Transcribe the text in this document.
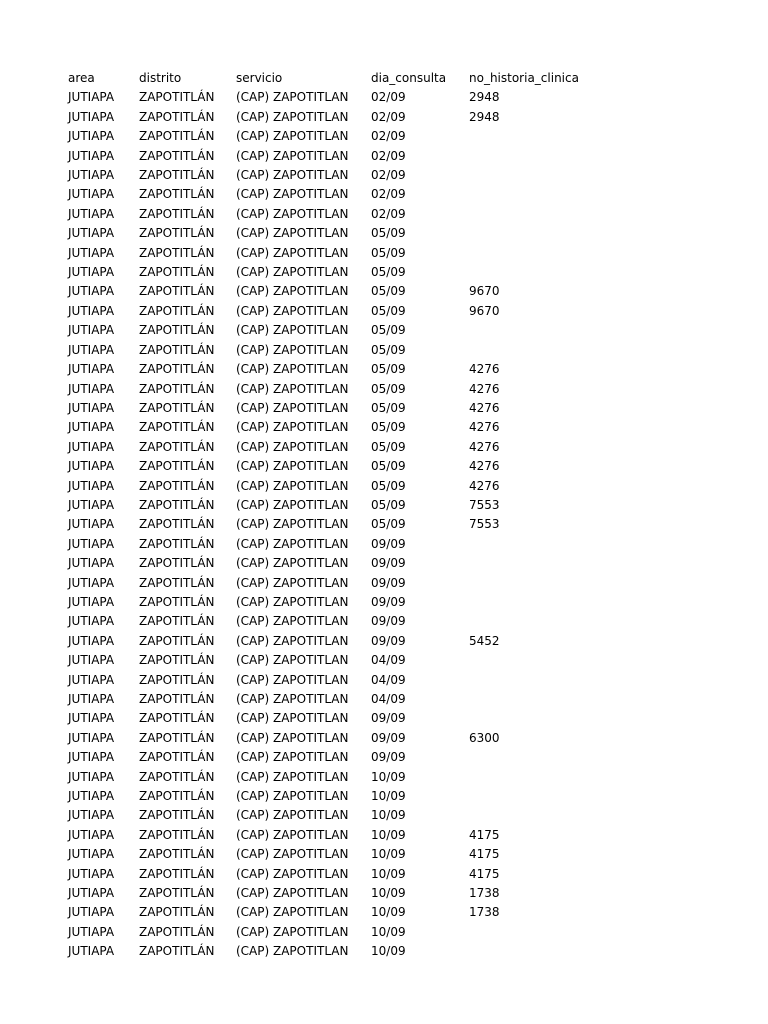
area	distrito	servicio	dia_consulta	no_historia_clinica
JUTIAPA	ZAPOTITLÁN	(CAP) ZAPOTITLAN	02/09	2948
JUTIAPA	ZAPOTITLÁN	(CAP) ZAPOTITLAN	02/09	2948
JUTIAPA	ZAPOTITLÁN	(CAP) ZAPOTITLAN	02/09	
JUTIAPA	ZAPOTITLÁN	(CAP) ZAPOTITLAN	02/09	
JUTIAPA	ZAPOTITLÁN	(CAP) ZAPOTITLAN	02/09	
JUTIAPA	ZAPOTITLÁN	(CAP) ZAPOTITLAN	02/09	
JUTIAPA	ZAPOTITLÁN	(CAP) ZAPOTITLAN	02/09	
JUTIAPA	ZAPOTITLÁN	(CAP) ZAPOTITLAN	05/09	
JUTIAPA	ZAPOTITLÁN	(CAP) ZAPOTITLAN	05/09	
JUTIAPA	ZAPOTITLÁN	(CAP) ZAPOTITLAN	05/09	
JUTIAPA	ZAPOTITLÁN	(CAP) ZAPOTITLAN	05/09	9670
JUTIAPA	ZAPOTITLÁN	(CAP) ZAPOTITLAN	05/09	9670
JUTIAPA	ZAPOTITLÁN	(CAP) ZAPOTITLAN	05/09	
JUTIAPA	ZAPOTITLÁN	(CAP) ZAPOTITLAN	05/09	
JUTIAPA	ZAPOTITLÁN	(CAP) ZAPOTITLAN	05/09	4276
JUTIAPA	ZAPOTITLÁN	(CAP) ZAPOTITLAN	05/09	4276
JUTIAPA	ZAPOTITLÁN	(CAP) ZAPOTITLAN	05/09	4276
JUTIAPA	ZAPOTITLÁN	(CAP) ZAPOTITLAN	05/09	4276
JUTIAPA	ZAPOTITLÁN	(CAP) ZAPOTITLAN	05/09	4276
JUTIAPA	ZAPOTITLÁN	(CAP) ZAPOTITLAN	05/09	4276
JUTIAPA	ZAPOTITLÁN	(CAP) ZAPOTITLAN	05/09	4276
JUTIAPA	ZAPOTITLÁN	(CAP) ZAPOTITLAN	05/09	7553
JUTIAPA	ZAPOTITLÁN	(CAP) ZAPOTITLAN	05/09	7553
JUTIAPA	ZAPOTITLÁN	(CAP) ZAPOTITLAN	09/09	
JUTIAPA	ZAPOTITLÁN	(CAP) ZAPOTITLAN	09/09	
JUTIAPA	ZAPOTITLÁN	(CAP) ZAPOTITLAN	09/09	
JUTIAPA	ZAPOTITLÁN	(CAP) ZAPOTITLAN	09/09	
JUTIAPA	ZAPOTITLÁN	(CAP) ZAPOTITLAN	09/09	
JUTIAPA	ZAPOTITLÁN	(CAP) ZAPOTITLAN	09/09	5452
JUTIAPA	ZAPOTITLÁN	(CAP) ZAPOTITLAN	04/09	
JUTIAPA	ZAPOTITLÁN	(CAP) ZAPOTITLAN	04/09	
JUTIAPA	ZAPOTITLÁN	(CAP) ZAPOTITLAN	04/09	
JUTIAPA	ZAPOTITLÁN	(CAP) ZAPOTITLAN	09/09	
JUTIAPA	ZAPOTITLÁN	(CAP) ZAPOTITLAN	09/09	6300
JUTIAPA	ZAPOTITLÁN	(CAP) ZAPOTITLAN	09/09	
JUTIAPA	ZAPOTITLÁN	(CAP) ZAPOTITLAN	10/09	
JUTIAPA	ZAPOTITLÁN	(CAP) ZAPOTITLAN	10/09	
JUTIAPA	ZAPOTITLÁN	(CAP) ZAPOTITLAN	10/09	
JUTIAPA	ZAPOTITLÁN	(CAP) ZAPOTITLAN	10/09	4175
JUTIAPA	ZAPOTITLÁN	(CAP) ZAPOTITLAN	10/09	4175
JUTIAPA	ZAPOTITLÁN	(CAP) ZAPOTITLAN	10/09	4175
JUTIAPA	ZAPOTITLÁN	(CAP) ZAPOTITLAN	10/09	1738
JUTIAPA	ZAPOTITLÁN	(CAP) ZAPOTITLAN	10/09	1738
JUTIAPA	ZAPOTITLÁN	(CAP) ZAPOTITLAN	10/09	
JUTIAPA	ZAPOTITLÁN	(CAP) ZAPOTITLAN	10/09	
